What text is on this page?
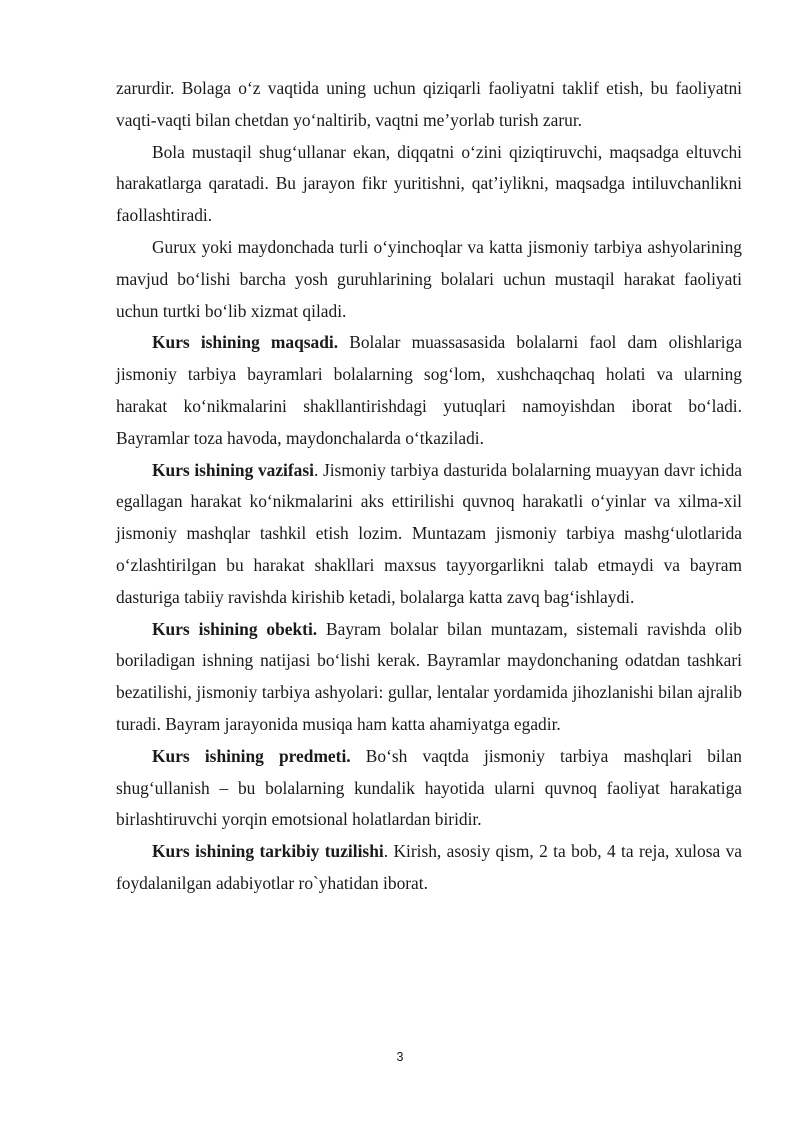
zarurdir. Bolaga o‘z vaqtida uning uchun qiziqarli faoliyatni taklif etish, bu faoliyatni vaqti-vaqti bilan chetdan yo‘naltirib, vaqtni me’yorlab turish zarur.

Bola mustaqil shug‘ullanar ekan, diqqatni o‘zini qiziqtiruvchi, maqsadga eltuvchi harakatlarga qaratadi. Bu jarayon fikr yuritishni, qat’iylikni, maqsadga intiluvchanlikni faollashtiradi.

Gurux yoki maydonchada turli o‘yinchoqlar va katta jismoniy tarbiya ashyolarining mavjud bo‘lishi barcha yosh guruhlarining bolalari uchun mustaqil harakat faoliyati uchun turtki bo‘lib xizmat qiladi.

Kurs ishining maqsadi. Bolalar muassasasida bolalarni faol dam olishlariga jismoniy tarbiya bayramlari bolalarning sog‘lom, xushchaqchaq holati va ularning harakat ko‘nikmalarini shakllantirishdagi yutuqlari namoyishdan iborat bo‘ladi. Bayramlar toza havoda, maydonchalarda o‘tkaziladi.

Kurs ishining vazifasi. Jismoniy tarbiya dasturida bolalarning muayyan davr ichida egallagan harakat ko‘nikmalarini aks ettirilishi quvnoq harakatli o‘yinlar va xilma-xil jismoniy mashqlar tashkil etish lozim. Muntazam jismoniy tarbiya mashg‘ulotlarida o‘zlashtirilgan bu harakat shakllari maxsus tayyorgarlikni talab etmaydi va bayram dasturiga tabiiy ravishda kirishib ketadi, bolalarga katta zavq bag‘ishlaydi.

Kurs ishining obekti. Bayram bolalar bilan muntazam, sistemali ravishda olib boriladigan ishning natijasi bo‘lishi kerak. Bayramlar maydonchaning odatdan tashkari bezatilishi, jismoniy tarbiya ashyolari: gullar, lentalar yordamida jihozlanishi bilan ajralib turadi. Bayram jarayonida musiqa ham katta ahamiyatga egadir.

Kurs ishining predmeti. Bo‘sh vaqtda jismoniy tarbiya mashqlari bilan shug‘ullanish – bu bolalarning kundalik hayotida ularni quvnoq faoliyat harakatiga birlashtiruvchi yorqin emotsional holatlardan biridir.

Kurs ishining tarkibiy tuzilishi. Kirish, asosiy qism, 2 ta bob, 4 ta reja, xulosa va foydalanilgan adabiyotlar ro`yhatidan iborat.

3
